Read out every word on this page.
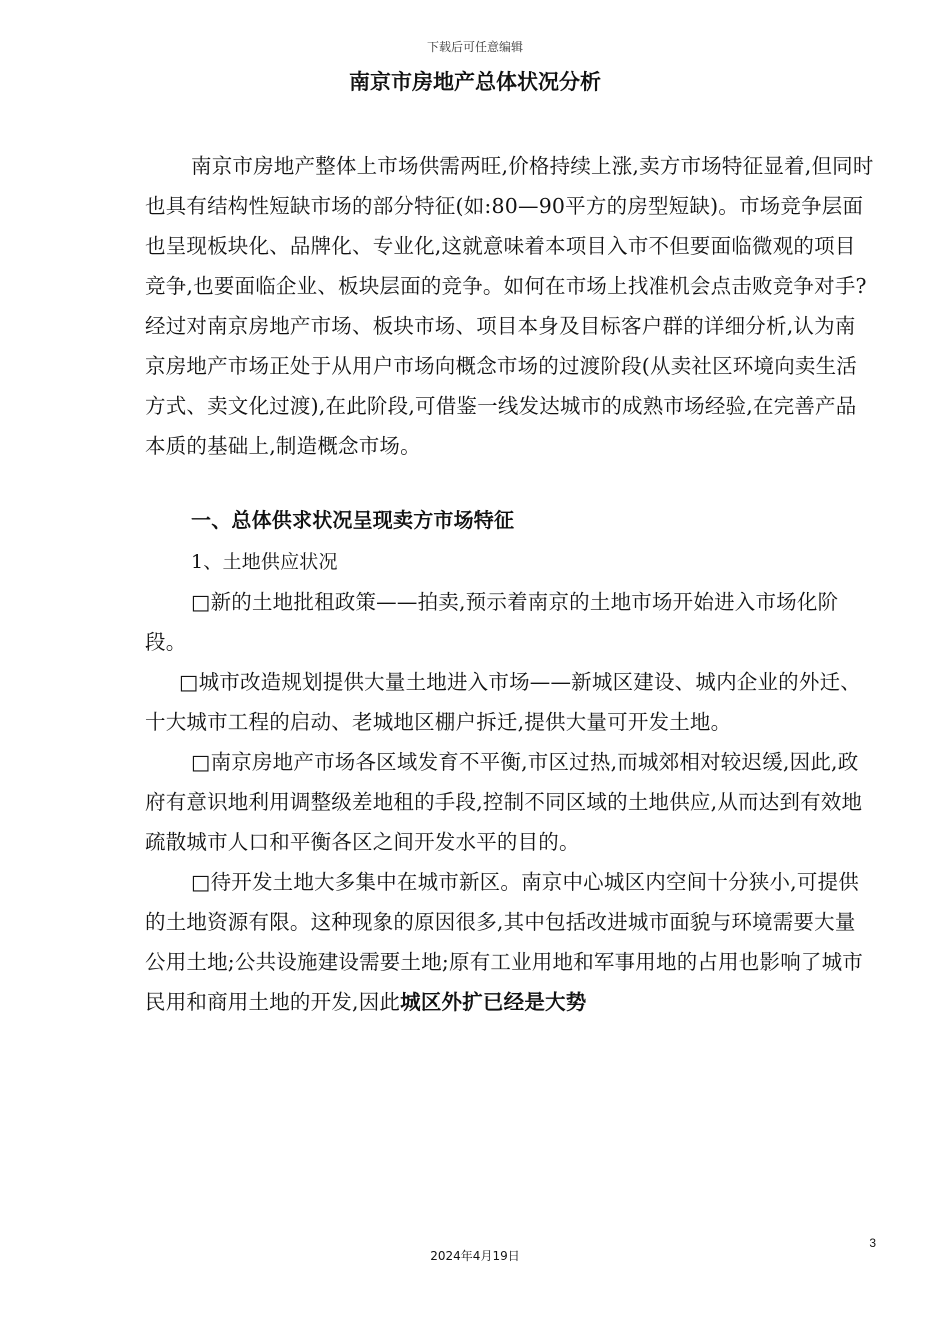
下载后可任意编辑
南京市房地产总体状况分析

南京市房地产整体上市场供需两旺,价格持续上涨,卖方市场特征显着,但同时也具有结构性短缺市场的部分特征(如:80—90平方的房型短缺)。市场竞争层面也呈现板块化、品牌化、专业化,这就意味着本项目入市不但要面临微观的项目竞争,也要面临企业、板块层面的竞争。如何在市场上找准机会点击败竞争对手?经过对南京房地产市场、板块市场、项目本身及目标客户群的详细分析,认为南京房地产市场正处于从用户市场向概念市场的过渡阶段(从卖社区环境向卖生活方式、卖文化过渡),在此阶段,可借鉴一线发达城市的成熟市场经验,在完善产品本质的基础上,制造概念市场。

一、总体供求状况呈现卖方市场特征

1、土地供应状况

□新的土地批租政策——拍卖,预示着南京的土地市场开始进入市场化阶段。

□城市改造规划提供大量土地进入市场——新城区建设、城内企业的外迁、十大城市工程的启动、老城地区棚户拆迁,提供大量可开发土地。

□南京房地产市场各区域发育不平衡,市区过热,而城郊相对较迟缓,因此,政府有意识地利用调整级差地租的手段,控制不同区域的土地供应,从而达到有效地疏散城市人口和平衡各区之间开发水平的目的。

□待开发土地大多集中在城市新区。南京中心城区内空间十分狭小,可提供的土地资源有限。这种现象的原因很多,其中包括改进城市面貌与环境需要大量公用土地;公共设施建设需要土地;原有工业用地和军事用地的占用也影响了城市民用和商用土地的开发,因此城区外扩已经是大势

3
2024年4月19日
